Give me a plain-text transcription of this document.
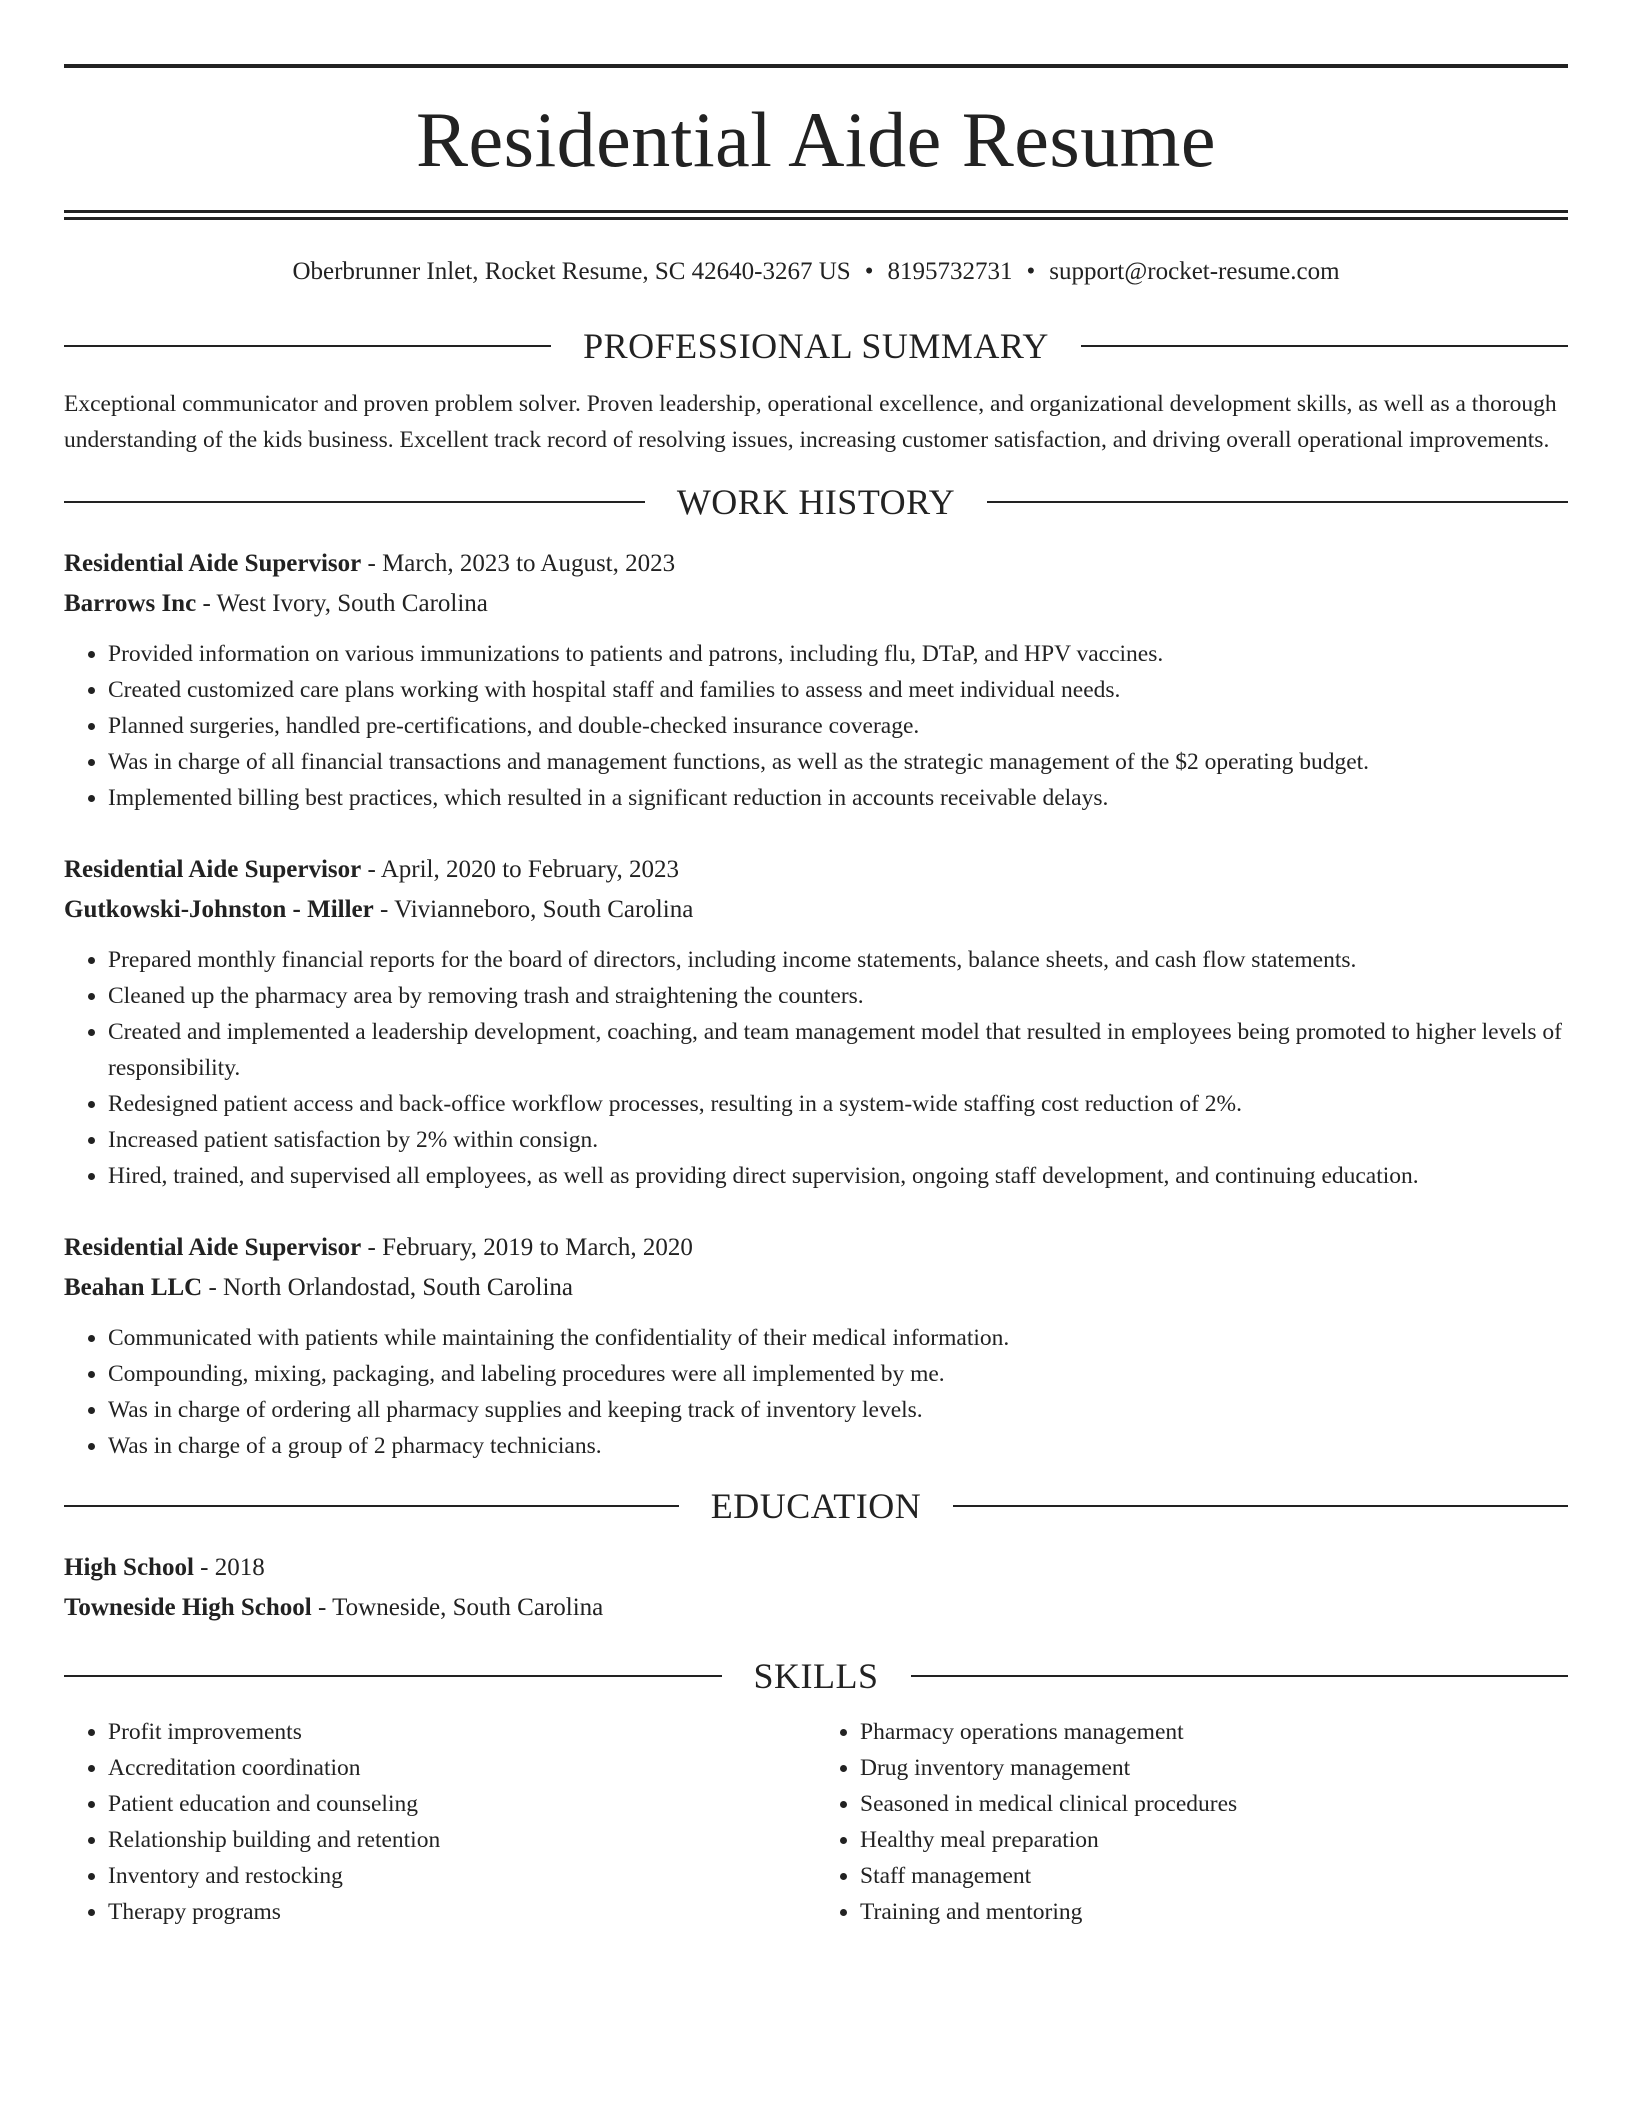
Residential Aide Resume
Oberbrunner Inlet, Rocket Resume, SC 42640-3267 US • 8195732731 • support@rocket-resume.com
PROFESSIONAL SUMMARY

Exceptional communicator and proven problem solver. Proven leadership, operational excellence, and organizational development skills, as well as a thorough understanding of the kids business. Excellent track record of resolving issues, increasing customer satisfaction, and driving overall operational improvements.

WORK HISTORY
Residential Aide Supervisor - March, 2023 to August, 2023
Barrows Inc - West Ivory, South Carolina
• Provided information on various immunizations to patients and patrons, including flu, DTaP, and HPV vaccines.
• Created customized care plans working with hospital staff and families to assess and meet individual needs.
• Planned surgeries, handled pre-certifications, and double-checked insurance coverage.
• Was in charge of all financial transactions and management functions, as well as the strategic management of the $2 operating budget.
• Implemented billing best practices, which resulted in a significant reduction in accounts receivable delays.
Residential Aide Supervisor - April, 2020 to February, 2023
Gutkowski-Johnston - Miller - Vivianneboro, South Carolina
• Prepared monthly financial reports for the board of directors, including income statements, balance sheets, and cash flow statements.
• Cleaned up the pharmacy area by removing trash and straightening the counters.
• Created and implemented a leadership development, coaching, and team management model that resulted in employees being promoted to higher levels of responsibility.
• Redesigned patient access and back-office workflow processes, resulting in a system-wide staffing cost reduction of 2%.
• Increased patient satisfaction by 2% within consign.
• Hired, trained, and supervised all employees, as well as providing direct supervision, ongoing staff development, and continuing education.
Residential Aide Supervisor - February, 2019 to March, 2020
Beahan LLC - North Orlandostad, South Carolina
• Communicated with patients while maintaining the confidentiality of their medical information.
• Compounding, mixing, packaging, and labeling procedures were all implemented by me.
• Was in charge of ordering all pharmacy supplies and keeping track of inventory levels.
• Was in charge of a group of 2 pharmacy technicians.
EDUCATION
High School - 2018
Towneside High School - Towneside, South Carolina
SKILLS
• Profit improvements
• Accreditation coordination
• Patient education and counseling
• Relationship building and retention
• Inventory and restocking
• Therapy programs
• Pharmacy operations management
• Drug inventory management
• Seasoned in medical clinical procedures
• Healthy meal preparation
• Staff management
• Training and mentoring
